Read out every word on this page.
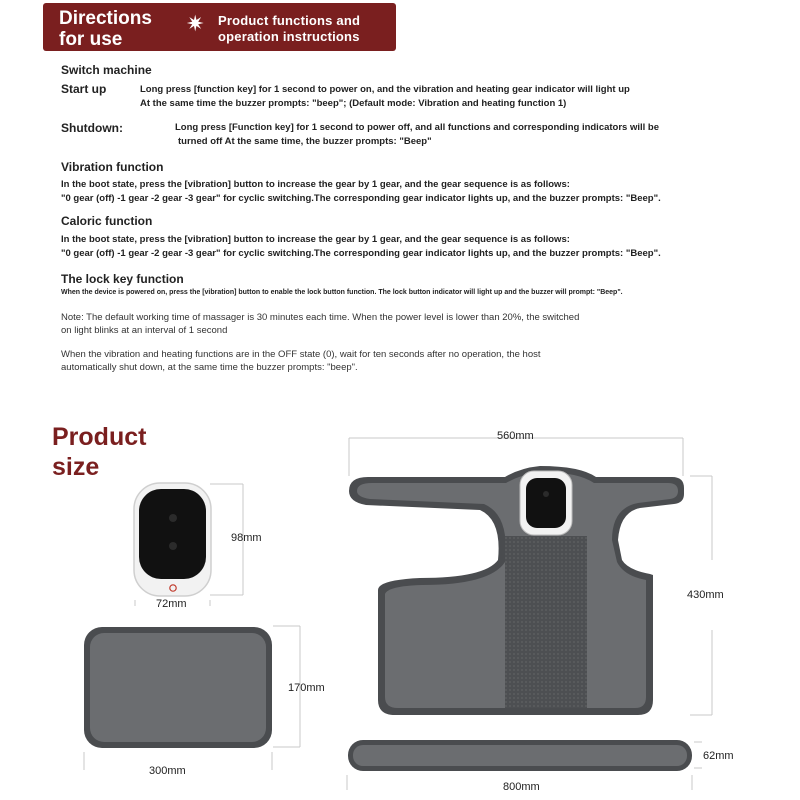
Directions
for use
✷ Product functions and
operation instructions
Switch machine
Start up	Long press [function key] for 1 second to power on, and the vibration and heating gear indicator will light up
At the same time the buzzer prompts: "beep"; (Default mode: Vibration and heating function 1)
Shutdown:	Long press [Function key] for 1 second to power off, and all functions and corresponding indicators will be
turned off At the same time, the buzzer prompts: "Beep"
Vibration function
In the boot state, press the [vibration] button to increase the gear by 1 gear, and the gear sequence is as follows:
"0 gear (off) -1 gear -2 gear -3 gear" for cyclic switching.The corresponding gear indicator lights up, and the buzzer prompts: "Beep".
Caloric function
In the boot state, press the [vibration] button to increase the gear by 1 gear, and the gear sequence is as follows:
"0 gear (off) -1 gear -2 gear -3 gear" for cyclic switching.The corresponding gear indicator lights up, and the buzzer prompts: "Beep".
The lock key function
When the device is powered on, press the [vibration] button to enable the lock button function. The lock button indicator will light up and the buzzer will prompt: "Beep".
Note: The default working time of massager is 30 minutes each time. When the power level is lower than 20%, the switched
on light blinks at an interval of 1 second
When the vibration and heating functions are in the OFF state (0), wait for ten seconds after no operation, the host
automatically shut down, at the same time the buzzer prompts: "beep".
Product
size
98mm
72mm
170mm
300mm
560mm
430mm
62mm
800mm
